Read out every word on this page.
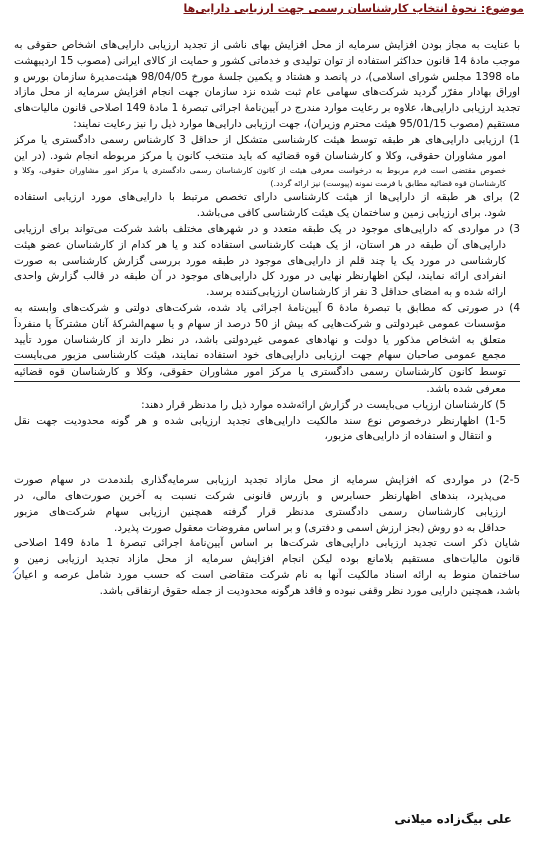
موضوع: نحوهٔ انتخاب کارشناسان رسمی جهت ارزیابی دارایی‌ها
با عنایت به مجاز بودن افزایش سرمایه از محل افزایش بهای ناشی از تجدید ارزیابی دارایی‌های اشخاص حقوقی به
موجب مادهٔ 14 قانون حداکثر استفاده از توان تولیدی و خدماتی کشور و حمایت از کالای ایرانی (مصوب 15 اردیبهشت
ماه 1398 مجلس شورای اسلامی)، در پانصد و هشتاد و یکمین جلسهٔ مورخ 98/04/05 هیئت‌مدیرهٔ سازمان بورس و
اوراق بهادار مقرّر گردید شرکت‌های سهامی عام ثبت شده نزد سازمان جهت انجام افزایش سرمایه از محل مازاد
تجدید ارزیابی دارایی‌ها، علاوه بر رعایت موارد مندرج در آیین‌نامهٔ اجرائی تبصرهٔ 1 مادهٔ 149 اصلاحی قانون مالیات‌های
مستقیم (مصوب 95/01/15 هیئت محترم وزیران)، جهت ارزیابی دارایی‌ها موارد ذیل را نیز رعایت نمایند:
1) ارزیابی دارایی‌های هر طبقه توسط هیئت کارشناسی متشکل از حداقل 3 کارشناس رسمی دادگستری یا مرکز
امور مشاوران حقوقی، وکلا و کارشناسان قوه قضائیه که باید منتخب کانون یا مرکز مربوطه انجام شود. (در این
خصوص مقتضی است فرم مربوط به درخواست معرفی هیئت از کانون کارشناسان رسمی دادگستری یا مرکز امور مشاوران حقوقی، وکلا و
کارشناسان قوه قضائیه مطابق با فرمت نمونه (پیوست) نیز ارائه گردد.)
2) برای هر طبقه از دارایی‌ها از هیئت کارشناسی دارای تخصص مرتبط با دارایی‌های مورد ارزیابی استفاده
شود. برای ارزیابی زمین و ساختمان یک هیئت کارشناسی کافی می‌باشد.
3) در مواردی که دارایی‌های موجود در یک طبقه متعدد و در شهرهای مختلف باشد شرکت می‌تواند برای ارزیابی
دارایی‌های آن طبقه در هر استان، از یک هیئت کارشناسی استفاده کند و یا هر کدام از کارشناسان عضو هیئت
کارشناسی در مورد یک یا چند قلم از دارایی‌های موجود در طبقه مورد بررسی گزارش کارشناسی به صورت
انفرادی ارائه نمایند، لیکن اظهارنظر نهایی در مورد کل دارایی‌های موجود در آن طبقه در قالب گزارش واحدی
ارائه شده و به امضای حداقل 3 نفر از کارشناسان ارزیابی‌کننده برسد.
4) در صورتی که مطابق با تبصرهٔ مادهٔ 6 آیین‌نامهٔ اجرائی یاد شده، شرکت‌های دولتی و شرکت‌های وابسته به
مؤسسات عمومی غیردولتی و شرکت‌هایی که بیش از 50 درصد از سهام و یا سهم‌الشرکهٔ آنان مشترکاً یا منفرداً
متعلق به اشخاص مذکور یا دولت و نهادهای عمومی غیردولتی باشد، در نظر دارند از کارشناسان مورد تأیید
مجمع عمومی صاحبان سهام جهت ارزیابی دارایی‌های خود استفاده نمایند، هیئت کارشناسی مزبور می‌بایست
توسط کانون کارشناسان رسمی دادگستری یا مرکز امور مشاوران حقوقی، وکلا و کارشناسان قوه قضائیه
معرفی شده باشد.
5) کارشناسان ارزیاب می‌بایست در گزارش ارائه‌شده موارد ذیل را مدنظر قرار دهند:
1-5) اظهارنظر درخصوص نوع سند مالکیت دارایی‌های تجدید ارزیابی شده و هر گونه محدودیت جهت نقل
و انتقال و استفاده از دارایی‌های مزبور،
2-5) در مواردی که افزایش سرمایه از محل مازاد تجدید ارزیابی سرمایه‌گذاری بلندمدت در سهام صورت
می‌پذیرد، بندهای اظهارنظر حسابرس و بازرس قانونی شرکت نسبت به آخرین صورت‌های مالی، در
ارزیابی کارشناسان رسمی دادگستری مدنظر قرار گرفته همچنین ارزیابی سهام شرکت‌های مزبور
حداقل به دو روش (بجز ارزش اسمی و دفتری) و بر اساس مفروضات معقول صورت پذیرد.
شایان ذکر است تجدید ارزیابی دارایی‌های شرکت‌ها بر اساس آیین‌نامهٔ اجرائی تبصرهٔ 1 مادهٔ 149 اصلاحی
قانون مالیات‌های مستقیم بلامانع بوده لیکن انجام افزایش سرمایه از محل مازاد تجدید ارزیابی زمین و
ساختمان منوط به ارائه اسناد مالکیت آنها به نام شرکت متقاضی است که حسب مورد شامل عرصه و اعیان
باشد، همچنین دارایی مورد نظر وقفی نبوده و فاقد هرگونه محدودیت از جمله حقوق ارتفاقی باشد.
علی بیگ‌زاده میلانی
